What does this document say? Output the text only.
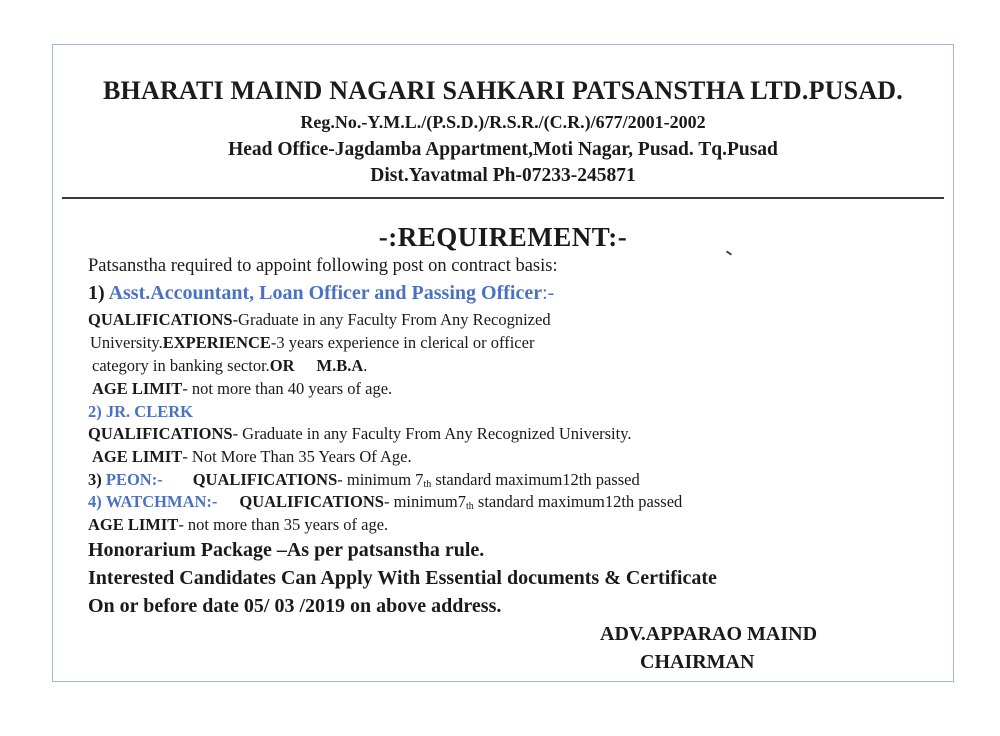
BHARATI MAIND NAGARI SAHKARI PATSANSTHA LTD.PUSAD.
Reg.No.-Y.M.L./(P.S.D.)/R.S.R./(C.R.)/677/2001-2002
Head Office-Jagdamba Appartment,Moti Nagar, Pusad. Tq.Pusad
Dist.Yavatmal Ph-07233-245871
-:REQUIREMENT:-
Patsanstha required to appoint following post on contract basis:
1) Asst.Accountant, Loan Officer and Passing Officer:-
QUALIFICATIONS-Graduate in any Faculty From Any Recognized
University.EXPERIENCE-3 years experience in clerical or officer
category in banking sector.OR M.B.A.
AGE LIMIT- not more than 40 years of age.
2) JR. CLERK
QUALIFICATIONS- Graduate in any Faculty From Any Recognized University.
AGE LIMIT- Not More Than 35 Years Of Age.
3) PEON:- QUALIFICATIONS- minimum $7_{th}$ standard maximum12th passed
4) WATCHMAN:- QUALIFICATIONS- $minimum7_{th}$ standard maximum12th passed
AGE LIMIT- not more than 35 years of age.
Honorarium Package –As per patsanstha rule.
Interested Candidates Can Apply With Essential documents & Certificate
On or before date 05/ 03 /2019 on above address.
ADV.APPARAO MAIND
CHAIRMAN
